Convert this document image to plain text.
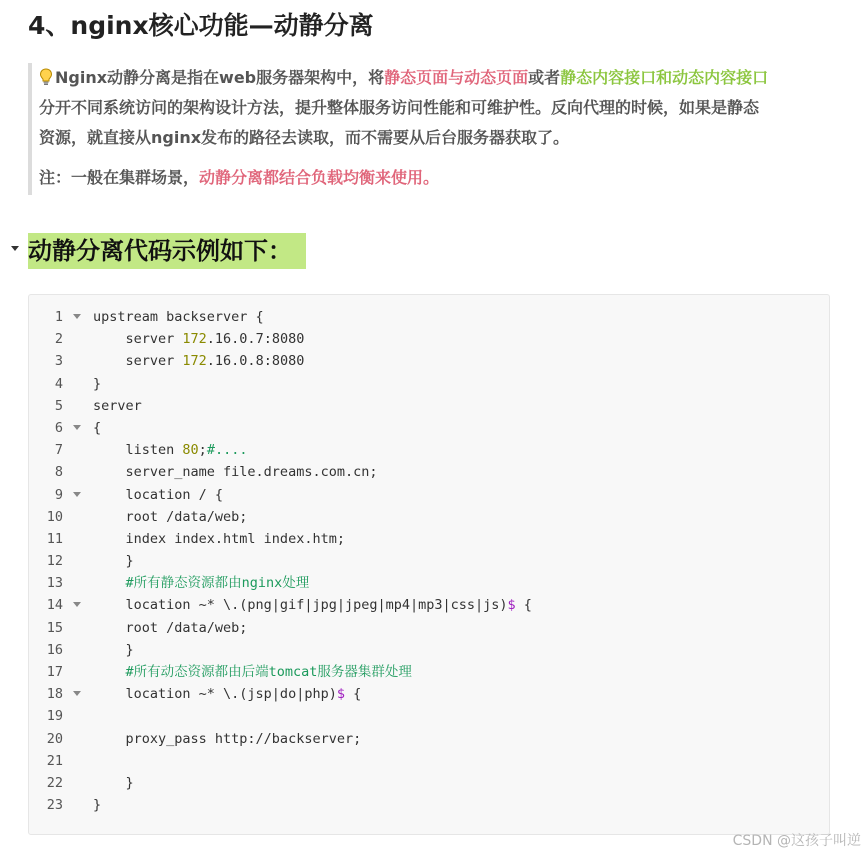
4、nginx核心功能—动静分离

Nginx动静分离是指在web服务器架构中，将静态页面与动态页面或者静态内容接口和动态内容接口

分开不同系统访问的架构设计方法，提升整体服务访问性能和可维护性。反向代理的时候，如果是静态

资源，就直接从nginx发布的路径去读取，而不需要从后台服务器获取了。

注：一般在集群场景，动静分离都结合负载均衡来使用。

动静分离代码示例如下：
1 upstream backserver {
2 server 172.16.0.7:8080
3 server 172.16.0.8:8080
4 }
5 server
6 {
7 listen 80;#....
8 server_name file.dreams.com.cn;
9 location / {
10 root /data/web;
11 index index.html index.htm;
12 }
13	#所有静态资源都由nginx处理
14 location ~* \.(png|gif|jpg|jpeg|mp4|mp3|css|js)$ {
15 root /data/web;
16 }
17	#所有动态资源都由后端tomcat服务器集群处理
18 location ~* \.(jsp|do|php)$ {
19
20 proxy_pass http://backserver;
21
22 }
23 }
CSDN @这孩子叫逆
